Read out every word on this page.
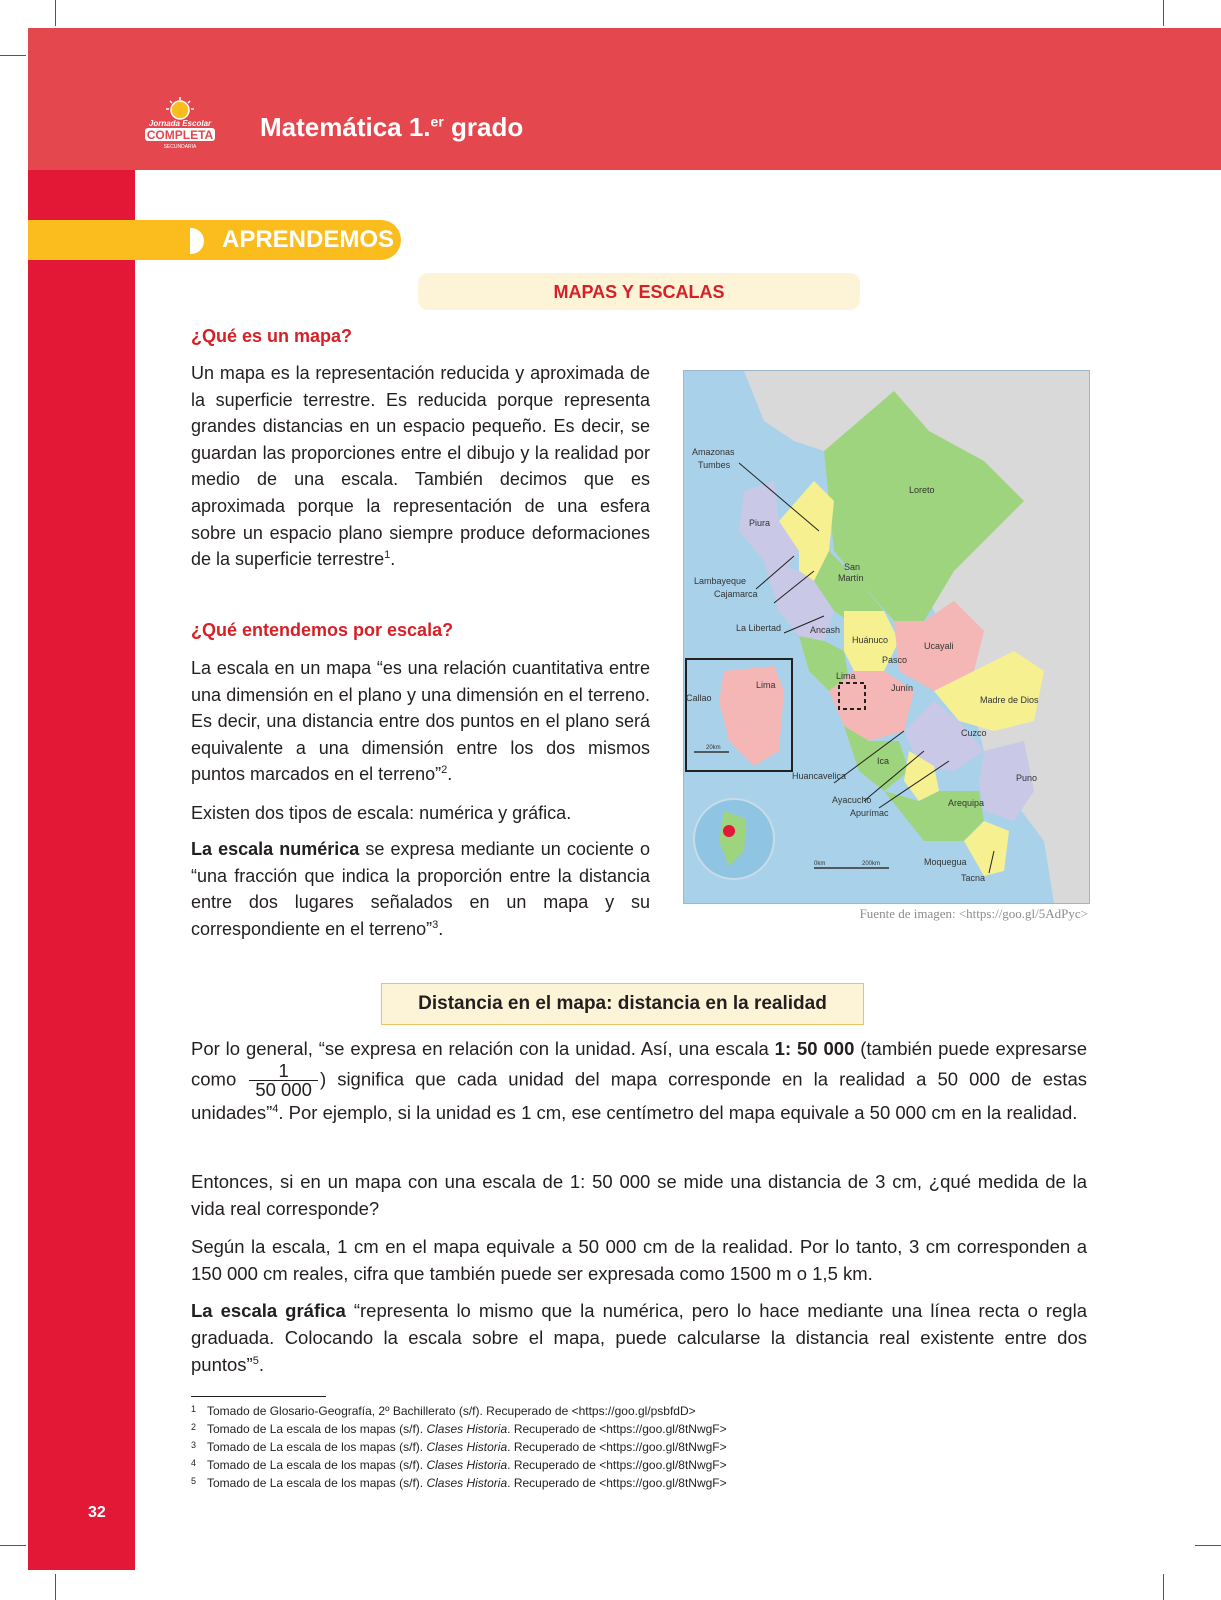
Jornada Escolar
COMPLETA
SECUNDARIA
Matemática 1.$^{er}$ grado
APRENDEMOS
MAPAS Y ESCALAS
¿Qué es un mapa?
Un mapa es la representación reducida y aproximada de la superficie terrestre. Es reducida porque representa grandes distancias en un espacio pequeño. Es decir, se guardan las proporciones entre el dibujo y la realidad por medio de una escala. También decimos que es aproximada porque la representación de una esfera sobre un espacio plano siempre produce deformaciones de la superficie terrestre$^1$.
¿Qué entendemos por escala?
La escala en un mapa “es una relación cuantitativa entre una dimensión en el plano y una dimensión en el terreno. Es decir, una distancia entre dos puntos en el plano será equivalente a una dimensión entre los dos mismos puntos marcados en el terreno”$^2$.
Existen dos tipos de escala: numérica y gráfica.
La escala numérica se expresa mediante un cociente o “una fracción que indica la proporción entre la distancia entre dos lugares señalados en un mapa y su correspondiente en el terreno”$^3$.
Amazonas
Tumbes
Piura
Loreto
Lambayeque
Cajamarca
San
Martín
La Libertad	Ancash
Huánuco
Pasco
Ucayali
Lima
Junín
Madre de Dios
Callao
Lima
Cuzco
Huancavelica
Ica
Puno
Ayacucho
Apurímac
Arequipa
Moquegua
Tacna
0km	200km
20km
Fuente de imagen: <https://goo.gl/5AdPyc>
Distancia en el mapa: distancia en la realidad
Por lo general, “se expresa en relación con la unidad. Así, una escala 1: 50 000 (también puede expresarse como $\frac{1}{50 000}$ ) significa que cada unidad del mapa corresponde en la realidad a 50 000 de estas unidades”$^4$. Por ejemplo, si la unidad es 1 cm, ese centímetro del mapa equivale a 50 000 cm en la realidad.
Entonces, si en un mapa con una escala de 1: 50 000 se mide una distancia de 3 cm, ¿qué medida de la vida real corresponde?
Según la escala, 1 cm en el mapa equivale a 50 000 cm de la realidad. Por lo tanto, 3 cm corresponden a 150 000 cm reales, cifra que también puede ser expresada como 1500 m o 1,5 km.
La escala gráfica “representa lo mismo que la numérica, pero lo hace mediante una línea recta o regla graduada. Colocando la escala sobre el mapa, puede calcularse la distancia real existente entre dos puntos”$^5$.
1 Tomado de Glosario-Geografía, 2º Bachillerato (s/f). Recuperado de <https://goo.gl/psbfdD>
2 Tomado de La escala de los mapas (s/f). Clases Historia. Recuperado de <https://goo.gl/8tNwgF>
3 Tomado de La escala de los mapas (s/f). Clases Historia. Recuperado de <https://goo.gl/8tNwgF>
4 Tomado de La escala de los mapas (s/f). Clases Historia. Recuperado de <https://goo.gl/8tNwgF>
5 Tomado de La escala de los mapas (s/f). Clases Historia. Recuperado de <https://goo.gl/8tNwgF>
32
